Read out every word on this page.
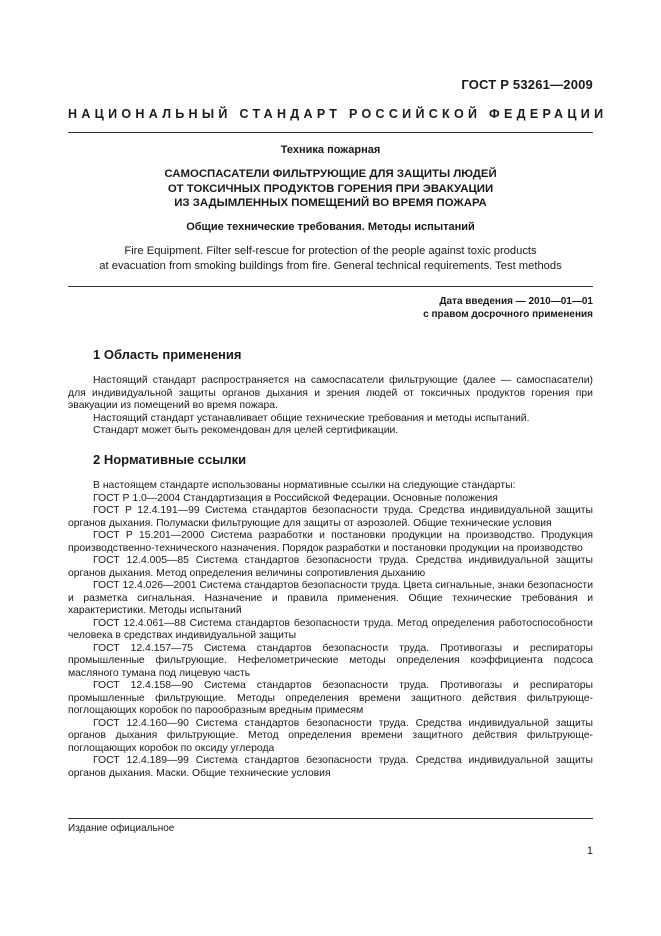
ГОСТ Р 53261—2009
НАЦИОНАЛЬНЫЙ СТАНДАРТ РОССИЙСКОЙ ФЕДЕРАЦИИ
Техника пожарная
САМОСПАСАТЕЛИ ФИЛЬТРУЮЩИЕ ДЛЯ ЗАЩИТЫ ЛЮДЕЙ
ОТ ТОКСИЧНЫХ ПРОДУКТОВ ГОРЕНИЯ ПРИ ЭВАКУАЦИИ
ИЗ ЗАДЫМЛЕННЫХ ПОМЕЩЕНИЙ ВО ВРЕМЯ ПОЖАРА
Общие технические требования. Методы испытаний
Fire Equipment. Filter self-rescue for protection of the people against toxic products
at evacuation from smoking buildings from fire. General technical requirements. Test methods
Дата введения — 2010—01—01
с правом досрочного применения
1 Область применения

Настоящий стандарт распространяется на самоспасатели фильтрующие (далее — самоспасатели) для индивидуальной защиты органов дыхания и зрения людей от токсичных продуктов горения при эвакуации из помещений во время пожара.

Настоящий стандарт устанавливает общие технические требования и методы испытаний.

Стандарт может быть рекомендован для целей сертификации.

2 Нормативные ссылки

В настоящем стандарте использованы нормативные ссылки на следующие стандарты:

ГОСТ Р 1.0—2004 Стандартизация в Российской Федерации. Основные положения

ГОСТ Р 12.4.191—99 Система стандартов безопасности труда. Средства индивидуальной защиты органов дыхания. Полумаски фильтрующие для защиты от аэрозолей. Общие технические условия

ГОСТ Р 15.201—2000 Система разработки и постановки продукции на производство. Продукция производственно-технического назначения. Порядок разработки и постановки продукции на производство

ГОСТ 12.4.005—85 Система стандартов безопасности труда. Средства индивидуальной защиты органов дыхания. Метод определения величины сопротивления дыханию

ГОСТ 12.4.026—2001 Система стандартов безопасности труда. Цвета сигнальные, знаки безопасности и разметка сигнальная. Назначение и правила применения. Общие технические требования и характеристики. Методы испытаний

ГОСТ 12.4.061—88 Система стандартов безопасности труда. Метод определения работоспособности человека в средствах индивидуальной защиты

ГОСТ 12.4.157—75 Система стандартов безопасности труда. Противогазы и респираторы промышленные фильтрующие. Нефелометрические методы определения коэффициента подсоса масляного тумана под лицевую часть

ГОСТ 12.4.158—90 Система стандартов безопасности труда. Противогазы и респираторы промышленные фильтрующие. Методы определения времени защитного действия фильтрующе-поглощающих коробок по парообразным вредным примесям

ГОСТ 12.4.160—90 Система стандартов безопасности труда. Средства индивидуальной защиты органов дыхания фильтрующие. Метод определения времени защитного действия фильтрующе-поглощающих коробок по оксиду углерода

ГОСТ 12.4.189—99 Система стандартов безопасности труда. Средства индивидуальной защиты органов дыхания. Маски. Общие технические условия

Издание официальное
1
